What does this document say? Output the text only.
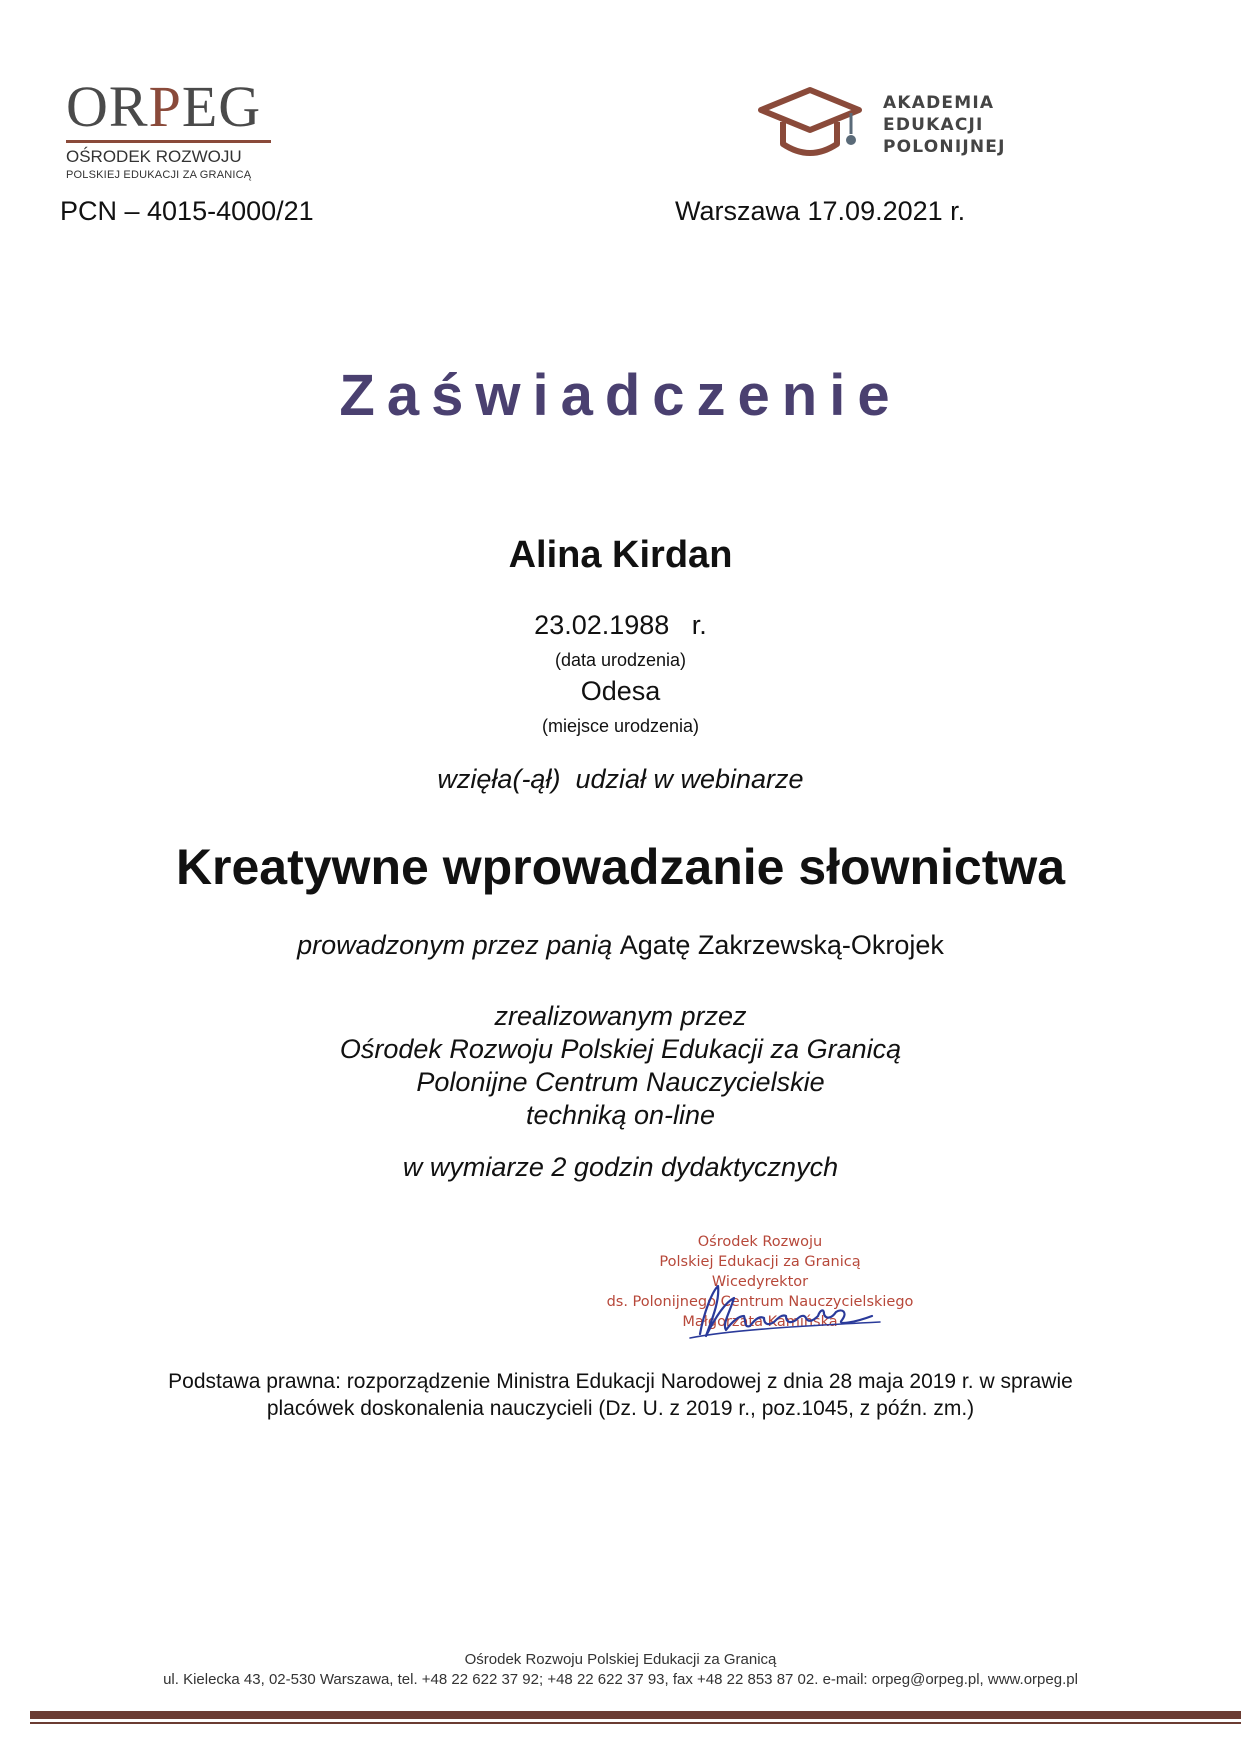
ORPEG
OŚRODEK ROZWOJU
POLSKIEJ EDUKACJI ZA GRANICĄ
AKADEMIA
EDUKACJI
POLONIJNEJ
PCN – 4015-4000/21	Warszawa 17.09.2021 r.
Zaświadczenie
Alina Kirdan
23.02.1988   r.
(data urodzenia)
Odesa
(miejsce urodzenia)
wzięła(-ął)  udział w webinarze
Kreatywne wprowadzanie słownictwa
prowadzonym przez panią Agatę Zakrzewską-Okrojek
zrealizowanym przez
Ośrodek Rozwoju Polskiej Edukacji za Granicą
Polonijne Centrum Nauczycielskie
techniką on-line
w wymiarze 2 godzin dydaktycznych
Ośrodek Rozwoju
Polskiej Edukacji za Granicą
Wicedyrektor
ds. Polonijnego Centrum Nauczycielskiego
Małgorzata Kamińska
Podstawa prawna: rozporządzenie Ministra Edukacji Narodowej z dnia 28 maja 2019 r. w sprawie
placówek doskonalenia nauczycieli (Dz. U. z 2019 r., poz.1045, z późn. zm.)
Ośrodek Rozwoju Polskiej Edukacji za Granicą
ul. Kielecka 43, 02-530 Warszawa, tel. +48 22 622 37 92; +48 22 622 37 93, fax +48 22 853 87 02. e-mail: orpeg@orpeg.pl, www.orpeg.pl
